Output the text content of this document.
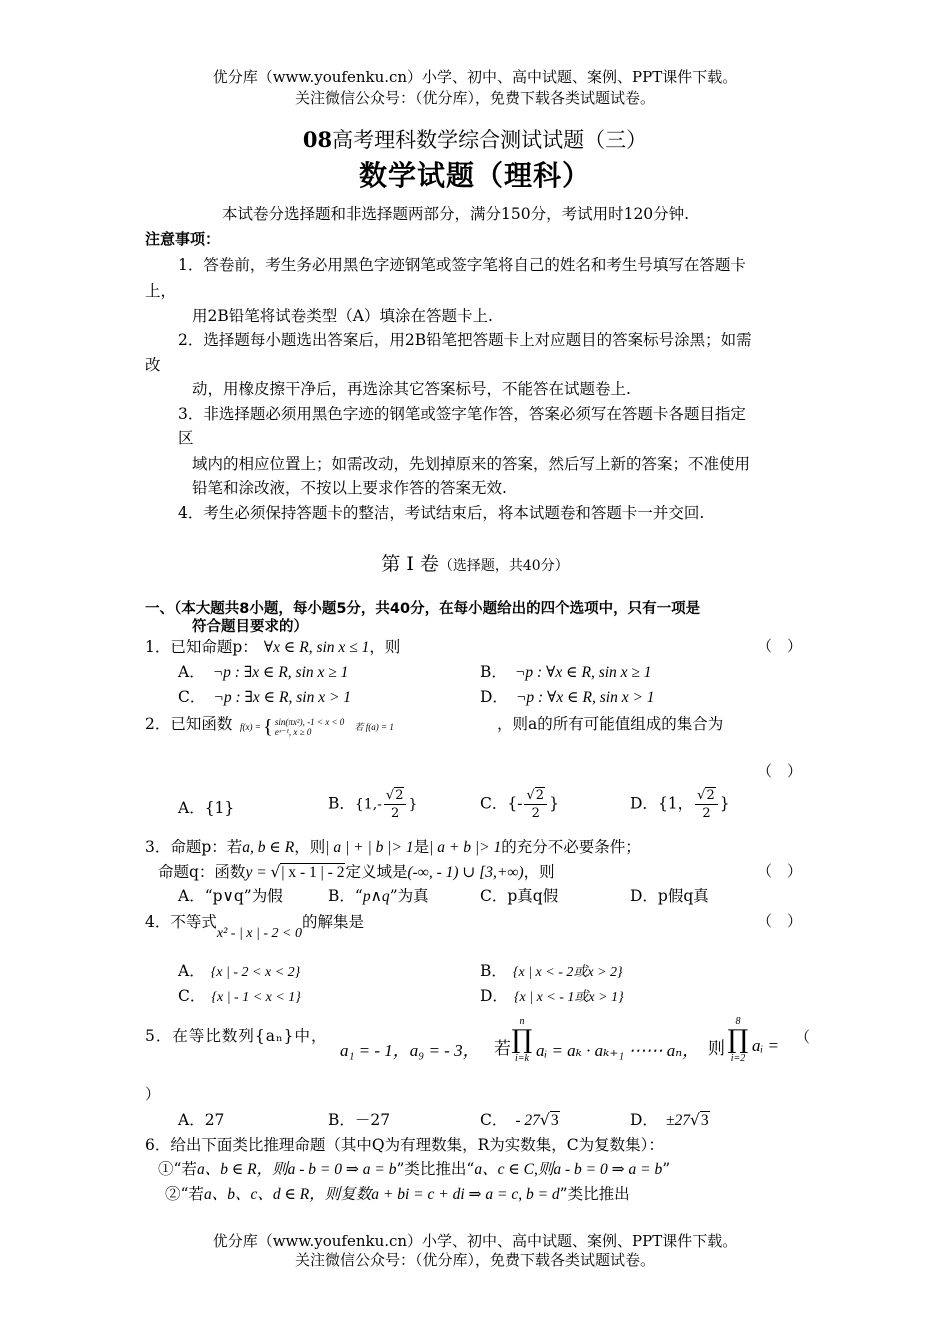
优分库（www.youfenku.cn）小学、初中、高中试题、案例、PPT课件下载。
关注微信公众号：（优分库），免费下载各类试题试卷。
08高考理科数学综合测试试题（三）
数学试题（理科）
本试卷分选择题和非选择题两部分，满分150分，考试用时120分钟.
注意事项：
1．答卷前，考生务必用黑色字迹钢笔或签字笔将自己的姓名和考生号填写在答题卡
上，
用2B铅笔将试卷类型（A）填涂在答题卡上.
2．选择题每小题选出答案后，用2B铅笔把答题卡上对应题目的答案标号涂黑；如需
改
动，用橡皮擦干净后，再选涂其它答案标号，不能答在试题卷上.
3．非选择题必须用黑色字迹的钢笔或签字笔作答，答案必须写在答题卡各题目指定
区
域内的相应位置上；如需改动，先划掉原来的答案，然后写上新的答案；不准使用
铅笔和涂改液，不按以上要求作答的答案无效.
4．考生必须保持答题卡的整洁，考试结束后，将本试题卷和答题卡一并交回.
第 Ⅰ 卷（选择题，共40分）
一、（本大题共8小题，每小题5分，共40分，在每小题给出的四个选项中，只有一项是
符合题目要求的）
1．已知命题p： ∀x ∈ R, sin x ≤ 1，则	（　）
A． ¬p : ∃x ∈ R, sin x ≥ 1	B． ¬p : ∀x ∈ R, sin x ≥ 1
C． ¬p : ∃x ∈ R, sin x > 1	D． ¬p : ∀x ∈ R, sin x > 1
2．已知函数 f(x) = { sin(πx²), -1 < x < 0
eˣ⁻¹, x ≥ 0	若 f(a) = 1	，则a的所有可能值组成的集合为
（　）
A．{1}	B．{$1,- \frac{√2}{2}$ }	C．{- $\frac{√2}{2}$ }	D．{1， $\frac{√2}{2}$ }
3．命题p：若a, b ∈ R，则| a | + | b |> 1是| a + b |> 1的充分不必要条件；
命题q：函数y = √| x - 1 | - 2定义域是(-∞, - 1) ∪ [3,+∞)，则	（　）
A．“p∨q”为假	B．“p∧q”为真	C．p真q假	D．p假q真
4．不等式x² - | x | - 2 < 0的解集是	（　）
A． {x | - 2 < x < 2}	B． {x | x < - 2或x > 2}
C． {x | - 1 < x < 1}	D． {x | x < - 1或x > 1}
5．在等比数列{aₙ}中，
a₁ = - 1，a₉ = - 3， 若
n
∏
i=k aᵢ = aₖ · aₖ₊₁ ⋯⋯ aₙ， 则
8
∏
i=2
aᵢ = （
）
A．27	B．－27	C． - 27√3	D． ±27√3
6．给出下面类比推理命题（其中Q为有理数集，R为实数集，C为复数集）：
①“若a、b ∈ R，则a - b = 0 ⇒ a = b”类比推出“a、c ∈ C,则a - b = 0 ⇒ a = b”
②“若a、b、c、d ∈ R，则复数a + bi = c + di ⇒ a = c, b = d”类比推出
优分库（www.youfenku.cn）小学、初中、高中试题、案例、PPT课件下载。
关注微信公众号：（优分库），免费下载各类试题试卷。
